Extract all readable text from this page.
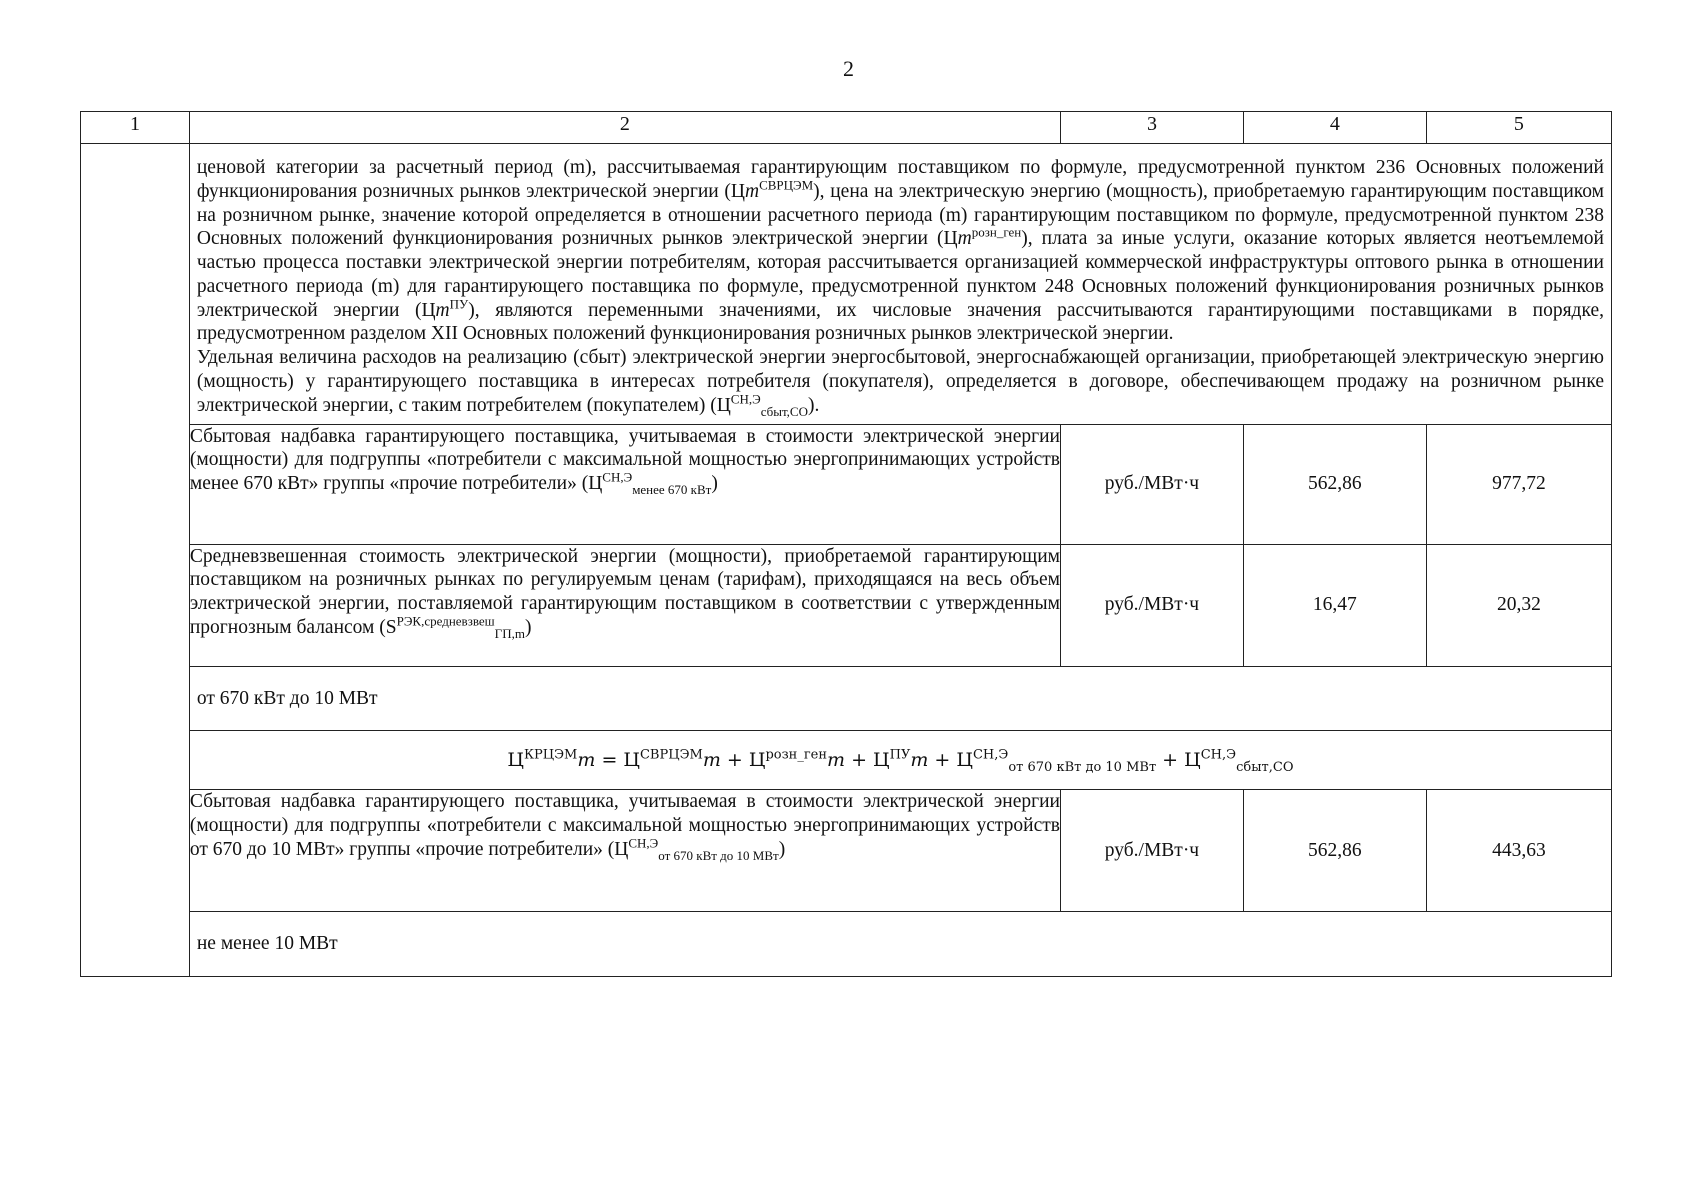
2
1	2	3	4	5

	ценовой категории за расчетный период (m), рассчитываемая гарантирующим поставщиком по формуле, предусмотренной пунктом 236 Основных положений функционирования розничных рынков электрической энергии $(Цm^{СВРЦЭМ})$, цена на электрическую энергию (мощность), приобретаемую гарантирующим поставщиком на розничном рынке, значение которой определяется в отношении расчетного периода (m) гарантирующим поставщиком по формуле, предусмотренной пунктом 238 Основных положений функционирования розничных рынков электрической энергии $(Цm^{розн\_ген})$, плата за иные услуги, оказание которых является неотъемлемой частью процесса поставки электрической энергии потребителям, которая рассчитывается организацией коммерческой инфраструктуры оптового рынка в отношении расчетного периода (m) для гарантирующего поставщика по формуле, предусмотренной пунктом 248 Основных положений функционирования розничных рынков электрической энергии $(Цm^{ПУ})$, являются переменными значениями, их числовые значения рассчитываются гарантирующими поставщиками в порядке, предусмотренном разделом XII Основных положений функционирования розничных рынков электрической энергии.

Удельная величина расходов на реализацию (сбыт) электрической энергии энергосбытовой, энергоснабжающей организации, приобретающей электрическую энергию (мощность) у гарантирующего поставщика в интересах потребителя (покупателя), определяется в договоре, обеспечивающем продажу на розничном рынке электрической энергии, с таким потребителем (покупателем) $(Ц^{СН,Э}_{сбыт,СО})$.			

	Сбытовая надбавка гарантирующего поставщика, учитываемая в стоимости электрической энергии (мощности) для подгруппы «потребители с максимальной мощностью энергопринимающих устройств менее 670 кВт» группы «прочие потребители» $(Ц^{СН,Э}_{менее 670 кВт})$	руб./МВт·ч	562,86	977,72
	Средневзвешенная стоимость электрической энергии (мощности), приобретаемой гарантирующим поставщиком на розничных рынках по регулируемым ценам (тарифам), приходящаяся на весь объем электрической энергии, поставляемой гарантирующим поставщиком в соответствии с утвержденным прогнозным балансом $(S^{РЭК,средневзвеш}_{ГП,m})$	руб./МВт·ч	16,47	20,32
	от 670 кВт до 10 МВт			
	$Ц^{КРЦЭМ}m = Ц^{СВРЦЭМ}m + Ц^{розн\_ген}m + Ц^{ПУ}m + Ц^{СН,Э}_{от 670 кВт до 10 МВт} + Ц^{СН,Э}_{сбыт,СО}$
	Сбытовая надбавка гарантирующего поставщика, учитываемая в стоимости электрической энергии (мощности) для подгруппы «потребители с максимальной мощностью энергопринимающих устройств от 670 до 10 МВт» группы «прочие потребители» $(Ц^{СН,Э}_{от 670 кВт до 10 МВт})$	руб./МВт·ч	562,86	443,63
	не менее 10 МВт			
